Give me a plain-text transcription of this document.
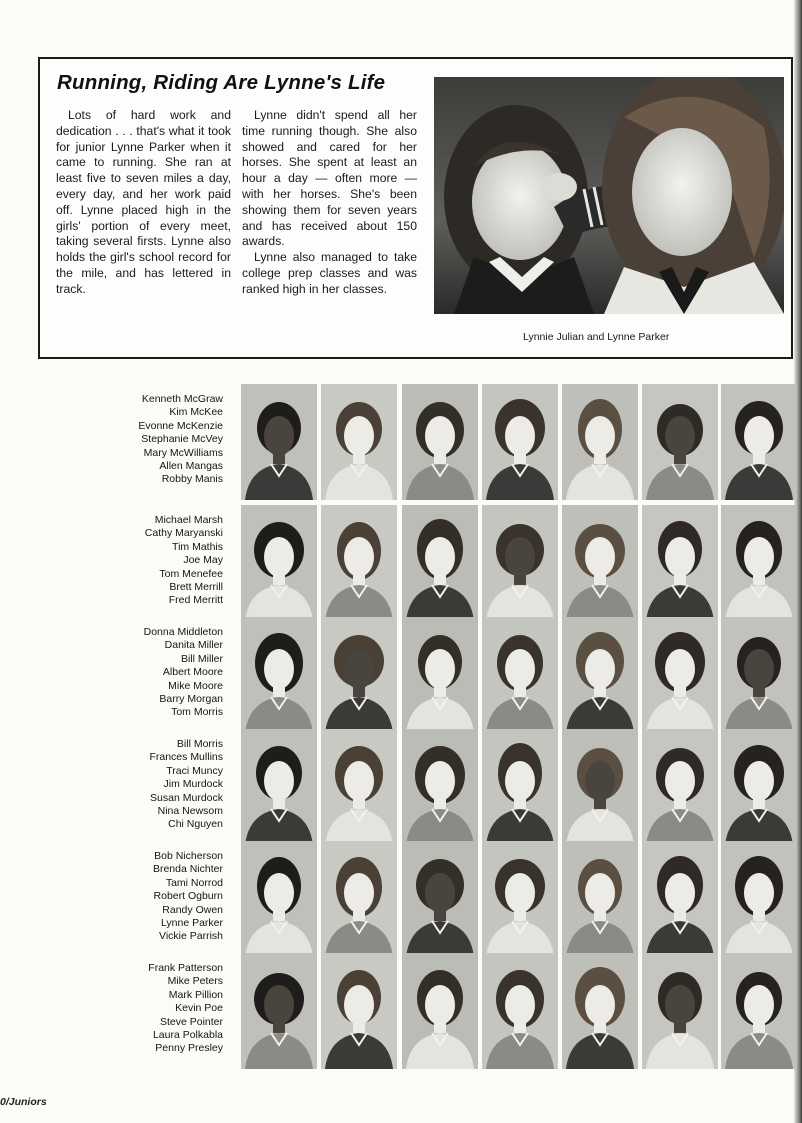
Running, Riding Are Lynne's Life

Lots of hard work and dedication . . . that's what it took for junior Lynne Parker when it came to running. She ran at least five to seven miles a day, every day, and her work paid off. Lynne placed high in the girls' portion of every meet, taking several firsts. Lynne also holds the girl's school record for the mile, and has lettered in track.

Lynne didn't spend all her time running though. She also showed and cared for her horses. She spent at least an hour a day — often more — with her horses. She's been showing them for seven years and has received about 150 awards.

Lynne also managed to take college prep classes and was ranked high in her classes.

Lynnie Julian and Lynne Parker
Kenneth McGraw
Kim McKee
Evonne McKenzie
Stephanie McVey
Mary McWilliams
Allen Mangas
Robby Manis
Michael Marsh
Cathy Maryanski
Tim Mathis
Joe May
Tom Menefee
Brett Merrill
Fred Merritt
Donna Middleton
Danita Miller
Bill Miller
Albert Moore
Mike Moore
Barry Morgan
Tom Morris
Bill Morris
Frances Mullins
Traci Muncy
Jim Murdock
Susan Murdock
Nina Newsom
Chi Nguyen
Bob Nicherson
Brenda Nichter
Tami Norrod
Robert Ogburn
Randy Owen
Lynne Parker
Vickie Parrish
Frank Patterson
Mike Peters
Mark Pillion
Kevin Poe
Steve Pointer
Laura Polkabla
Penny Presley
0/Juniors
